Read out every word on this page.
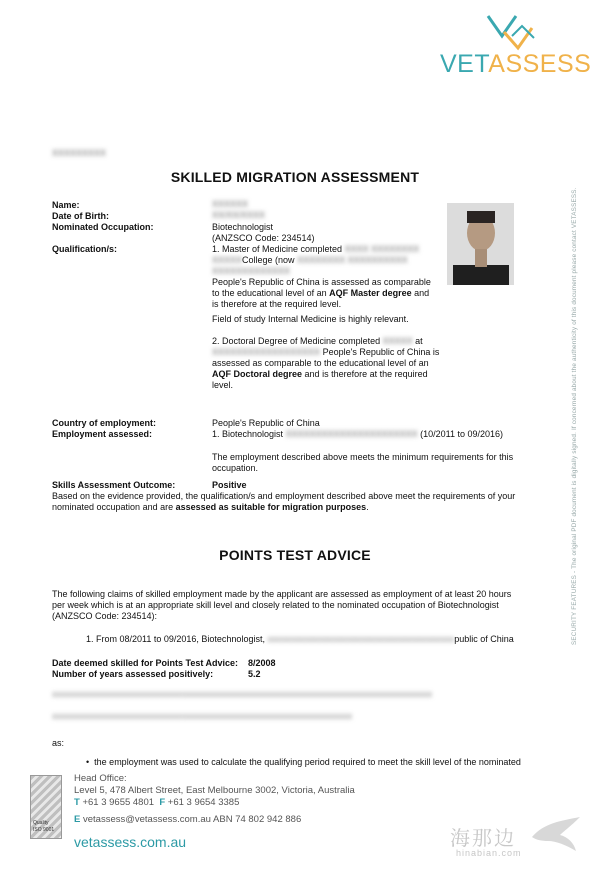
VETASSESS
SECURITY FEATURES - The original PDF document is digitally signed. If concerned about the authenticity of this document please contact VETASSESS.
XXXXXXXXX
SKILLED MIGRATION ASSESSMENT
Name:	XXXXXX
Date of Birth:	XX/XX/XXXX
Nominated Occupation:	Biotechnologist
(ANZSCO Code: 234514)
Qualification/s:	1. Master of Medicine completed XXXX XXXXXXXX
XXXXXCollege (now XXXXXXXX XXXXXXXXXX
XXXXXXXXXXXXX
People's Republic of China is assessed as comparable
to the educational level of an AQF Master degree and
is therefore at the required level.
Field of study Internal Medicine is highly relevant.
2. Doctoral Degree of Medicine completed XXXXX at
XXXXXXXXXXXXXXXXXX People's Republic of China is
assessed as comparable to the educational level of an
AQF Doctoral degree and is therefore at the required
level.
Country of employment:	People's Republic of China
Employment assessed:	1. Biotechnologist XXXXXXXXXXXXXXXXXXXXXX (10/2011 to 09/2016)
The employment described above meets the minimum requirements for this
occupation.
Skills Assessment Outcome:	Positive
Based on the evidence provided, the qualification/s and employment described above meet the requirements of your
nominated occupation and are assessed as suitable for migration purposes.
POINTS TEST ADVICE
The following claims of skilled employment made by the applicant are assessed as employment of at least 20 hours
per week which is at an appropriate skill level and closely related to the nominated occupation of Biotechnologist
(ANZSCO Code: 234514):
1. From 08/2011 to 09/2016, Biotechnologist, XXXXXXXXXXXXXXXXXXXXXXXXXXXXXXXXXXXXXXXXpublic of China
Date deemed skilled for Points Test Advice: 8/2008
Number of years assessed positively:	5.2
XXXXXXXXXXXXXXXXXXXXXXXXXXXXXXXXXXXXXXXXXXXXXXXXXXXXXXXXXXXXXXXXXXXXXXXXXXXX
XXXXXXXXXXXXXXXXXXXXXXXXXXXXXXXXXXXXXXXXXXXXXXXXXXXXXXXXXXXX
as:
• the employment was used to calculate the qualifying period required to meet the skill level of the nominated
Quality
ISO 9001
Head Office:
Level 5, 478 Albert Street, East Melbourne 3002, Victoria, Australia
T +61 3 9655 4801 F +61 3 9654 3385
E vetassess@vetassess.com.au ABN 74 802 942 886
vetassess.com.au	海那边
hinabian.com
